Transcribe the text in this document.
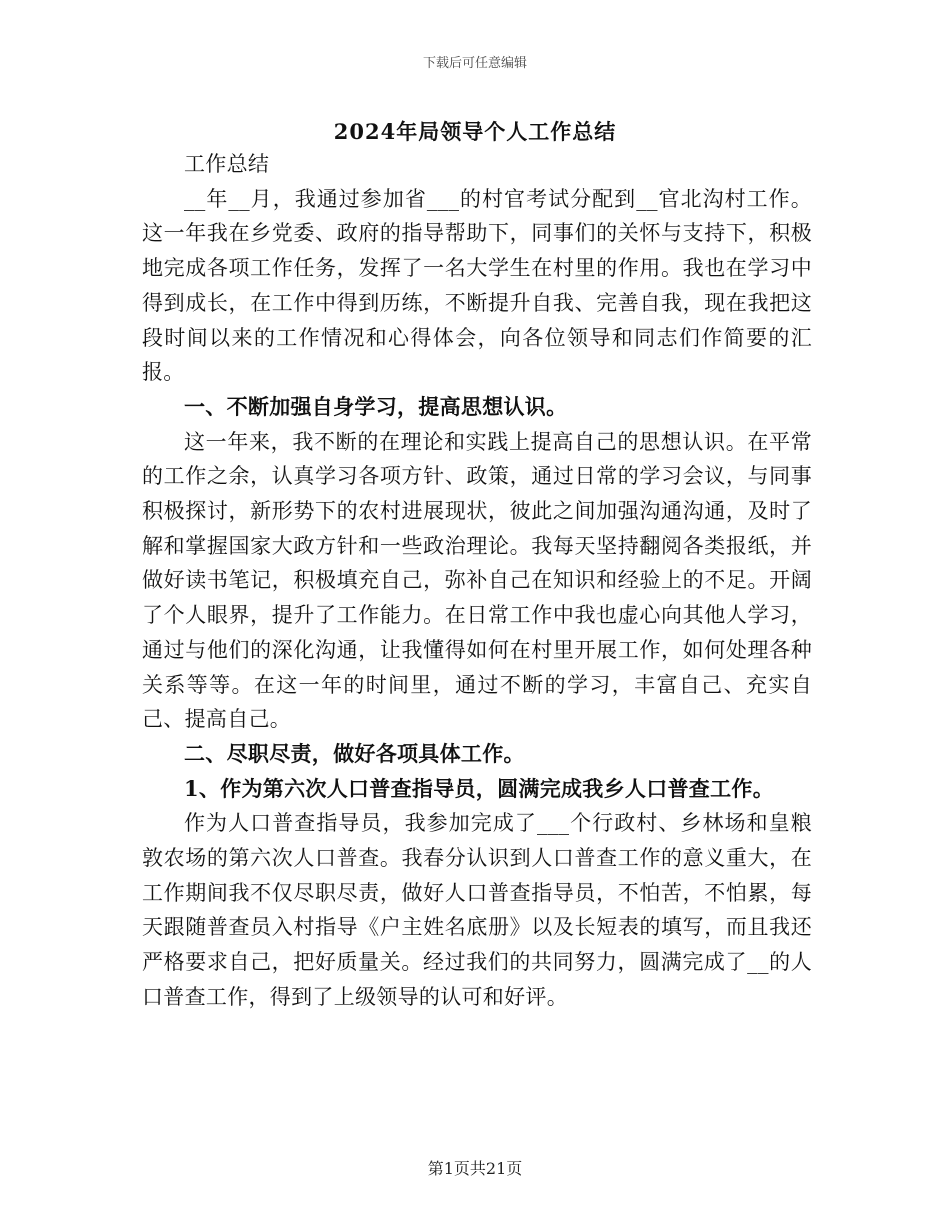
下载后可任意编辑
2024年局领导个人工作总结

工作总结

__年__月，我通过参加省___的村官考试分配到__官北沟村工作。这一年我在乡党委、政府的指导帮助下，同事们的关怀与支持下，积极地完成各项工作任务，发挥了一名大学生在村里的作用。我也在学习中得到成长，在工作中得到历练，不断提升自我、完善自我，现在我把这段时间以来的工作情况和心得体会，向各位领导和同志们作简要的汇报。

一、不断加强自身学习，提高思想认识。

这一年来，我不断的在理论和实践上提高自己的思想认识。在平常的工作之余，认真学习各项方针、政策，通过日常的学习会议，与同事积极探讨，新形势下的农村进展现状，彼此之间加强沟通沟通，及时了解和掌握国家大政方针和一些政治理论。我每天坚持翻阅各类报纸，并做好读书笔记，积极填充自己，弥补自己在知识和经验上的不足。开阔了个人眼界，提升了工作能力。在日常工作中我也虚心向其他人学习，通过与他们的深化沟通，让我懂得如何在村里开展工作，如何处理各种关系等等。在这一年的时间里，通过不断的学习，丰富自己、充实自己、提高自己。

二、尽职尽责，做好各项具体工作。

1、作为第六次人口普查指导员，圆满完成我乡人口普查工作。

作为人口普查指导员，我参加完成了___个行政村、乡林场和皇粮敦农场的第六次人口普查。我春分认识到人口普查工作的意义重大，在工作期间我不仅尽职尽责，做好人口普查指导员，不怕苦，不怕累，每天跟随普查员入村指导《户主姓名底册》以及长短表的填写，而且我还严格要求自己，把好质量关。经过我们的共同努力，圆满完成了__的人口普查工作，得到了上级领导的认可和好评。

第1页共21页
